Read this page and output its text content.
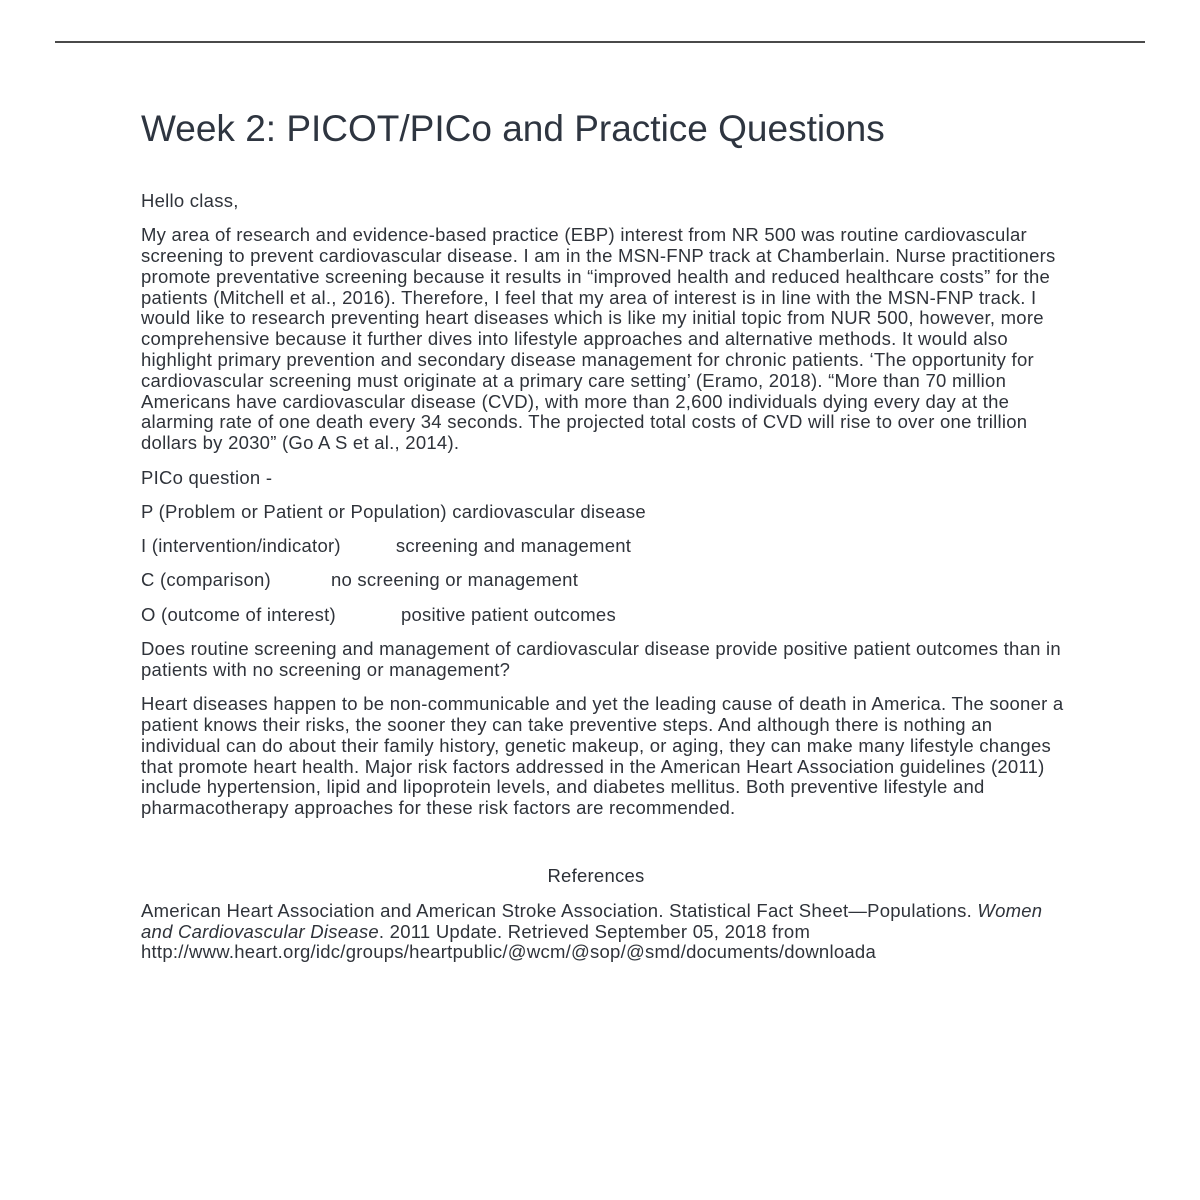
Week 2: PICOT/PICo and Practice Questions

Hello class,

My area of research and evidence-based practice (EBP) interest from NR 500 was routine cardiovascular screening to prevent cardiovascular disease. I am in the MSN-FNP track at Chamberlain. Nurse practitioners promote preventative screening because it results in “improved health and reduced healthcare costs” for the patients (Mitchell et al., 2016). Therefore, I feel that my area of interest is in line with the MSN-FNP track. I would like to research preventing heart diseases which is like my initial topic from NUR 500, however, more comprehensive because it further dives into lifestyle approaches and alternative methods. It would also highlight primary prevention and secondary disease management for chronic patients. ‘The opportunity for cardiovascular screening must originate at a primary care setting’ (Eramo, 2018). “More than 70 million Americans have cardiovascular disease (CVD), with more than 2,600 individuals dying every day at the alarming rate of one death every 34 seconds. The projected total costs of CVD will rise to over one trillion dollars by 2030” (Go A S et al., 2014).

PICo question -

P (Problem or Patient or Population) cardiovascular disease

I (intervention/indicator)	screening and management

C (comparison)	no screening or management

O (outcome of interest)	positive patient outcomes

Does routine screening and management of cardiovascular disease provide positive patient outcomes than in patients with no screening or management?

Heart diseases happen to be non-communicable and yet the leading cause of death in America. The sooner a patient knows their risks, the sooner they can take preventive steps. And although there is nothing an individual can do about their family history, genetic makeup, or aging, they can make many lifestyle changes that promote heart health. Major risk factors addressed in the American Heart Association guidelines (2011) include hypertension, lipid and lipoprotein levels, and diabetes mellitus. Both preventive lifestyle and pharmacotherapy approaches for these risk factors are recommended.

References

American Heart Association and American Stroke Association. Statistical Fact Sheet—Populations. Women and Cardiovascular Disease. 2011 Update. Retrieved September 05, 2018 from
http://www.heart.org/idc/groups/heartpublic/@wcm/@sop/@smd/documents/downloada
